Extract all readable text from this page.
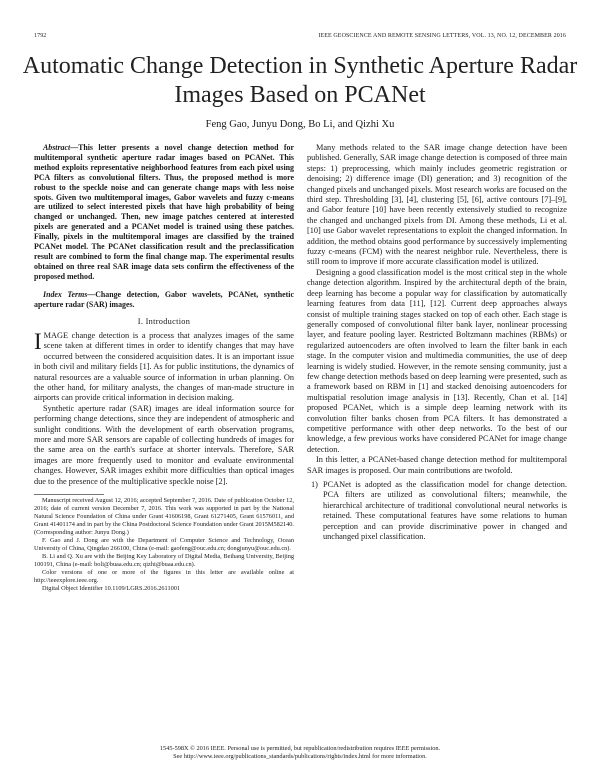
1792	IEEE GEOSCIENCE AND REMOTE SENSING LETTERS, VOL. 13, NO. 12, DECEMBER 2016
Automatic Change Detection in Synthetic Aperture Radar Images Based on PCANet
Feng Gao, Junyu Dong, Bo Li, and Qizhi Xu

Abstract—This letter presents a novel change detection method for multitemporal synthetic aperture radar images based on PCANet. This method exploits representative neighborhood features from each pixel using PCA filters as convolutional filters. Thus, the proposed method is more robust to the speckle noise and can generate change maps with less noise spots. Given two multitemporal images, Gabor wavelets and fuzzy c-means are utilized to select interested pixels that have high probability of being changed or unchanged. Then, new image patches centered at interested pixels are generated and a PCANet model is trained using these patches. Finally, pixels in the multitemporal images are classified by the trained PCANet model. The PCANet classification result and the preclassification result are combined to form the final change map. The experimental results obtained on three real SAR image data sets confirm the effectiveness of the proposed method.

Index Terms—Change detection, Gabor wavelets, PCANet, synthetic aperture radar (SAR) images.

I. Introduction

IMAGE change detection is a process that analyzes images of the same scene taken at different times in order to identify changes that may have occurred between the considered acquisition dates. It is an important issue in both civil and military fields [1]. As for public institutions, the dynamics of natural resources are a valuable source of information in urban planning. On the other hand, for military analysts, the changes of man-made structure in airports can provide critical information in decision making.

Synthetic aperture radar (SAR) images are ideal information source for performing change detections, since they are independent of atmospheric and sunlight conditions. With the development of earth observation programs, more and more SAR sensors are capable of collecting hundreds of images for the same area on the earth's surface at shorter intervals. Therefore, SAR images are more frequently used to monitor and evaluate environmental changes. However, SAR images exhibit more difficulties than optical images due to the presence of the multiplicative speckle noise [2].

Manuscript received August 12, 2016; accepted September 7, 2016. Date of publication October 12, 2016; date of current version December 7, 2016. This work was supported in part by the National Natural Science Foundation of China under Grant 41606198, Grant 61271405, Grant 61576011, and Grant 41401174 and in part by the China Postdoctoral Science Foundation under Grant 2015M582140. (Corresponding author: Junyu Dong.)

F. Gao and J. Dong are with the Department of Computer Science and Technology, Ocean University of China, Qingdao 266100, China (e-mail: gaofeng@ouc.edu.cn; dongjunyu@ouc.edu.cn).

B. Li and Q. Xu are with the Beijing Key Laboratory of Digital Media, Beihang University, Beijing 100191, China (e-mail: boli@buaa.edu.cn; qizhi@buaa.edu.cn).

Color versions of one or more of the figures in this letter are available online at http://ieeexplore.ieee.org.

Digital Object Identifier 10.1109/LGRS.2016.2611001

Many methods related to the SAR image change detection have been published. Generally, SAR image change detection is composed of three main steps: 1) preprocessing, which mainly includes geometric registration or denoising; 2) difference image (DI) generation; and 3) recognition of the changed pixels and unchanged pixels. Most research works are focused on the third step. Thresholding [3], [4], clustering [5], [6], active contours [7]–[9], and Gabor feature [10] have been recently extensively studied to recognize the changed and unchanged pixels from DI. Among these methods, Li et al. [10] use Gabor wavelet representations to exploit the changed information. In addition, the method obtains good performance by successively implementing fuzzy c-means (FCM) with the nearest neighbor rule. Nevertheless, there is still room to improve if more accurate classification model is utilized.

Designing a good classification model is the most critical step in the whole change detection algorithm. Inspired by the architectural depth of the brain, deep learning has become a popular way for classification by automatically learning features from data [11], [12]. Current deep approaches always consist of multiple training stages stacked on top of each other. Each stage is generally composed of convolutional filter bank layer, nonlinear processing layer, and feature pooling layer. Restricted Boltzmann machines (RBMs) or regularized autoencoders are often involved to learn the filter bank in each stage. In the computer vision and multimedia communities, the use of deep learning is widely studied. However, in the remote sensing community, just a few change detection methods based on deep learning were presented, such as a framework based on RBM in [1] and stacked denoising autoencoders for multispatial resolution image analysis in [13]. Recently, Chan et al. [14] proposed PCANet, which is a simple deep learning network with its convolution filter banks chosen from PCA filters. It has demonstrated a competitive performance with other deep networks. To the best of our knowledge, a few previous works have considered PCANet for image change detection.

In this letter, a PCANet-based change detection method for multitemporal SAR images is proposed. Our main contributions are twofold.

1) PCANet is adopted as the classification model for change detection. PCA filters are utilized as convolutional filters; meanwhile, the hierarchical architecture of traditional convolutional neural networks is retained. These computational features have some relations to human perception and can provide discriminative power in changed and unchanged pixel classification.
1545-598X © 2016 IEEE. Personal use is permitted, but republication/redistribution requires IEEE permission.
See http://www.ieee.org/publications_standards/publications/rights/index.html for more information.
